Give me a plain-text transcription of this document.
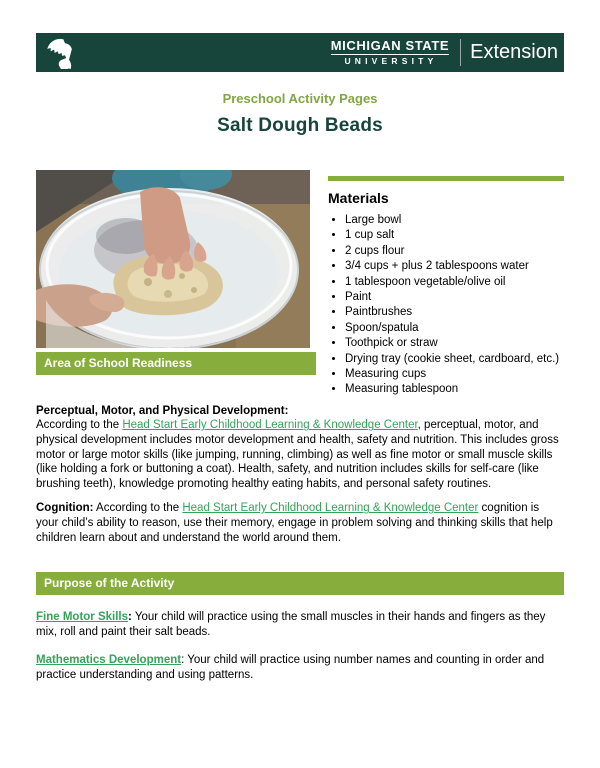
MICHIGAN STATE
UNIVERSITY Extension
Preschool Activity Pages
Salt Dough Beads
Area of School Readiness
Materials
• Large bowl
• 1 cup salt
• 2 cups flour
• 3/4 cups + plus 2 tablespoons water
• 1 tablespoon vegetable/olive oil
• Paint
• Paintbrushes
• Spoon/spatula
• Toothpick or straw
• Drying tray (cookie sheet, cardboard, etc.)
• Measuring cups
• Measuring tablespoon

Perceptual, Motor, and Physical Development:
According to the Head Start Early Childhood Learning & Knowledge Center, perceptual, motor, and physical development includes motor development and health, safety and nutrition. This includes gross motor or large motor skills (like jumping, running, climbing) as well as fine motor or small muscle skills (like holding a fork or buttoning a coat). Health, safety, and nutrition includes skills for self-care (like brushing teeth), knowledge promoting healthy eating habits, and personal safety routines.

Cognition: According to the Head Start Early Childhood Learning & Knowledge Center cognition is your child’s ability to reason, use their memory, engage in problem solving and thinking skills that help children learn about and understand the world around them.

Purpose of the Activity

Fine Motor Skills: Your child will practice using the small muscles in their hands and fingers as they mix, roll and paint their salt beads.

Mathematics Development: Your child will practice using number names and counting in order and practice understanding and using patterns.
